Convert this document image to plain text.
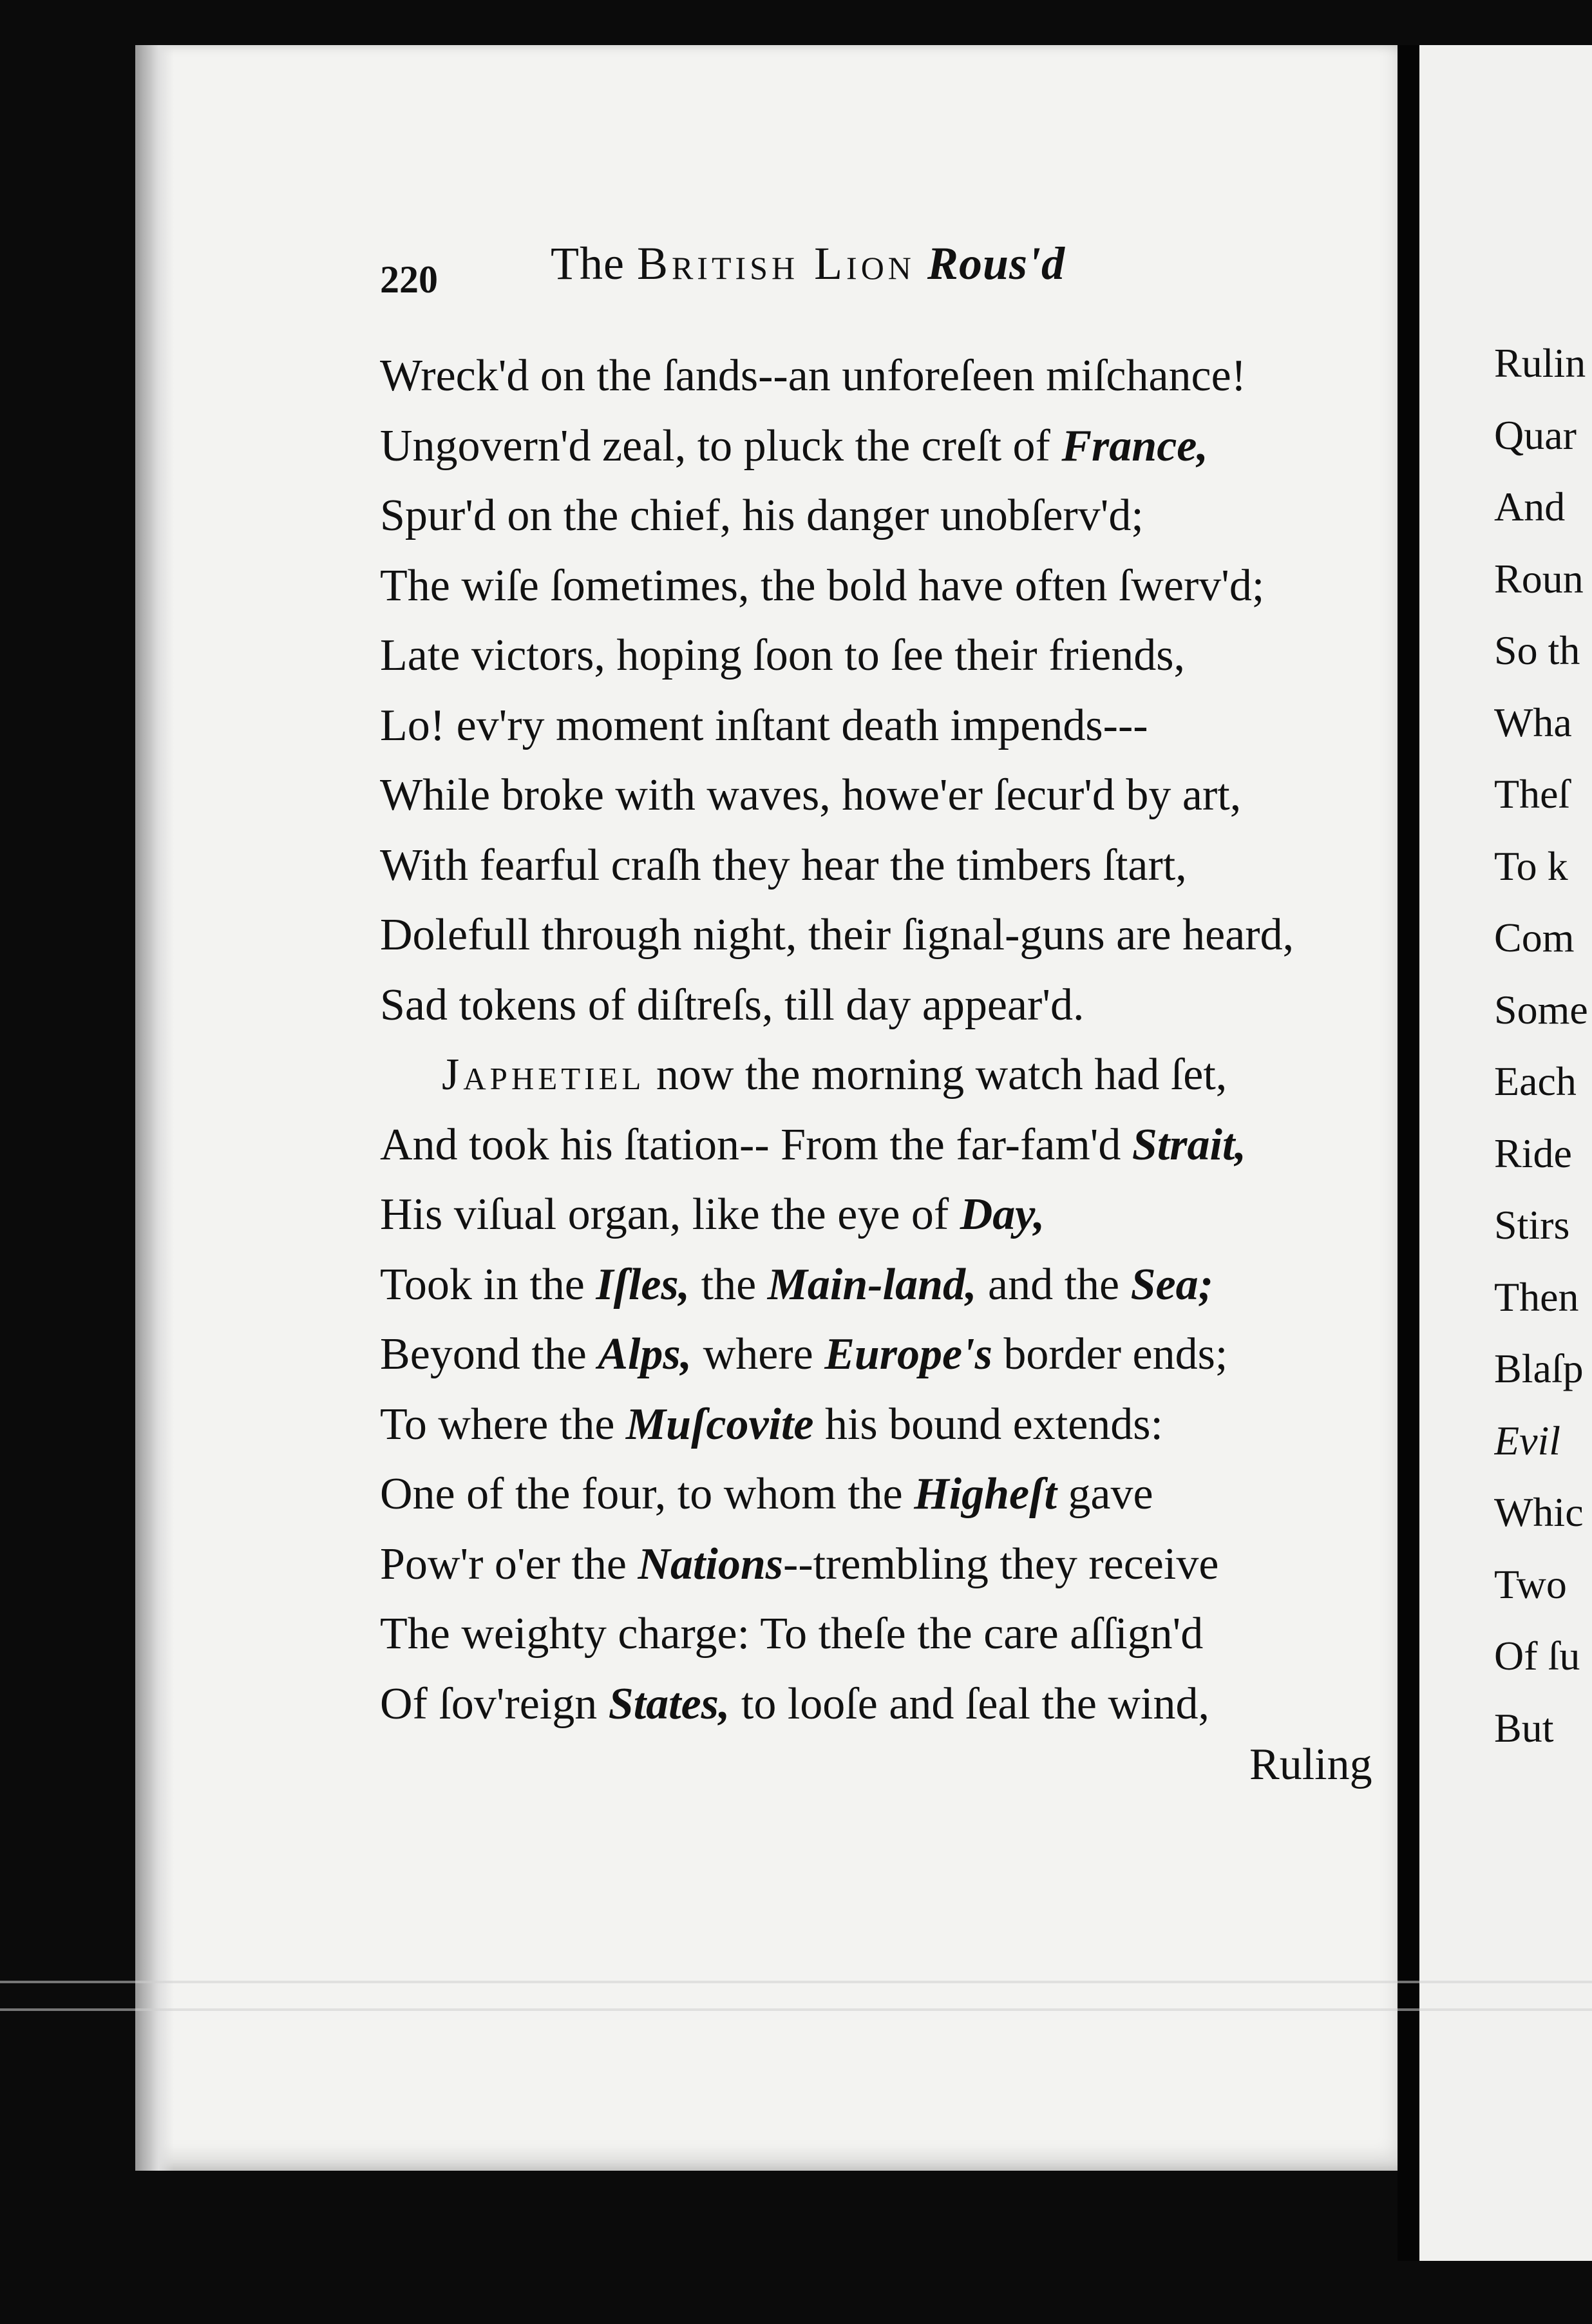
The British Lion Rous'd
220
Wreck'd on the ſands--an unforeſeen miſchance!
Ungovern'd zeal, to pluck the creſt of France,
Spur'd on the chief, his danger unobſerv'd;
The wiſe ſometimes, the bold have often ſwerv'd;
Late victors, hoping ſoon to ſee their friends,
Lo! ev'ry moment inſtant death impends---
While broke with waves, howe'er ſecur'd by art,
With fearful craſh they hear the timbers ſtart,
Dolefull through night, their ſignal-guns are heard,
Sad tokens of diſtreſs, till day appear'd.
Japhetiel now the morning watch had ſet,
And took his ſtation-- From the far-fam'd Strait,
His viſual organ, like the eye of Day,
Took in the Iſles, the Main-land, and the Sea;
Beyond the Alps, where Europe's border ends;
To where the Muſcovite his bound extends:
One of the four, to whom the Higheſt gave
Pow'r o'er the Nations--trembling they receive
The weighty charge: To theſe the care aſſign'd
Of ſov'reign States, to looſe and ſeal the wind,
Ruling
Rulin
Quar
And
Roun
So th
Wha
Theſ
To k
Com
Some
Each
Ride
Stirs
Then
Blaſp
Evil
Whic
Two
Of ſu
But
